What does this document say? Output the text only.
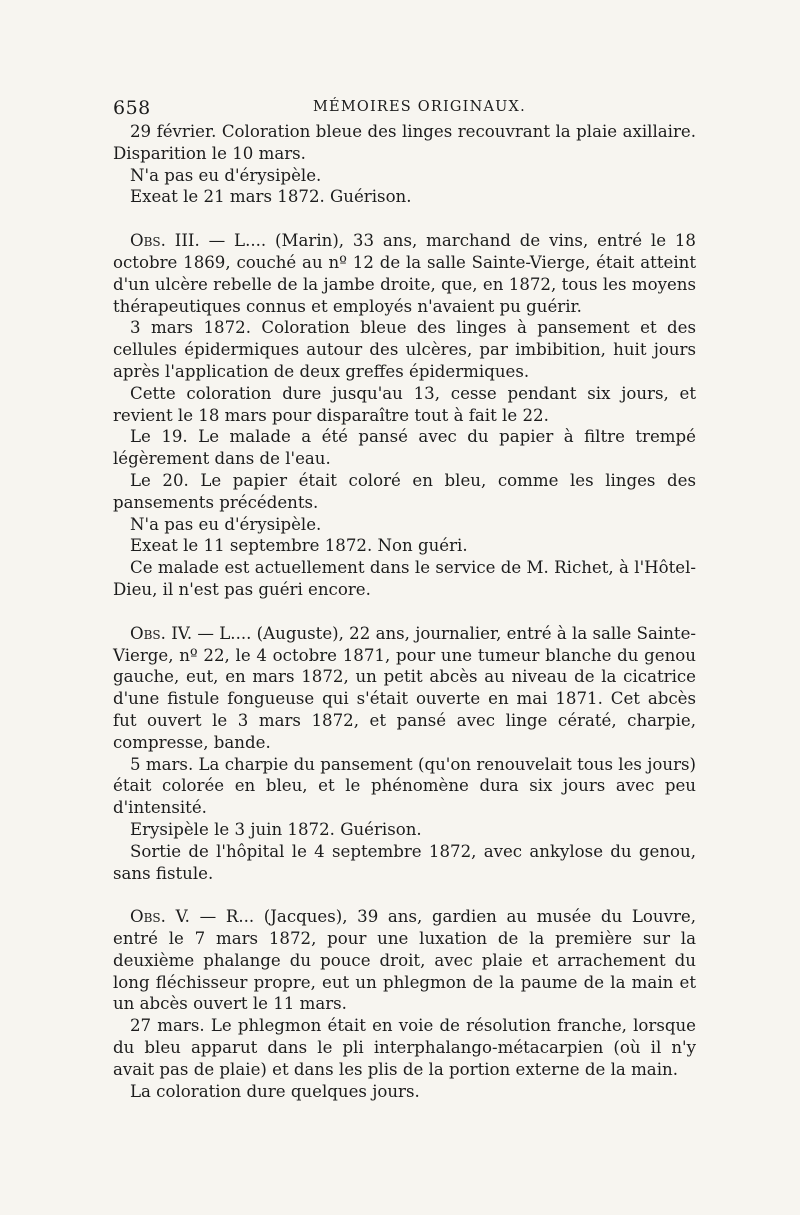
658	MÉMOIRES ORIGINAUX.

29 février. Coloration bleue des linges recouvrant la plaie axillaire. Disparition le 10 mars.

N'a pas eu d'érysipèle.

Exeat le 21 mars 1872. Guérison.

Obs. III. — L.... (Marin), 33 ans, marchand de vins, entré le 18 octobre 1869, couché au nº 12 de la salle Sainte-Vierge, était atteint d'un ulcère rebelle de la jambe droite, que, en 1872, tous les moyens thérapeutiques connus et employés n'avaient pu guérir.

3 mars 1872. Coloration bleue des linges à pansement et des cellules épidermiques autour des ulcères, par imbibition, huit jours après l'application de deux greffes épidermiques.

Cette coloration dure jusqu'au 13, cesse pendant six jours, et revient le 18 mars pour disparaître tout à fait le 22.

Le 19. Le malade a été pansé avec du papier à filtre trempé légèrement dans de l'eau.

Le 20. Le papier était coloré en bleu, comme les linges des pansements précédents.

N'a pas eu d'érysipèle.

Exeat le 11 septembre 1872. Non guéri.

Ce malade est actuellement dans le service de M. Richet, à l'Hôtel-Dieu, il n'est pas guéri encore.

Obs. IV. — L.... (Auguste), 22 ans, journalier, entré à la salle Sainte-Vierge, nº 22, le 4 octobre 1871, pour une tumeur blanche du genou gauche, eut, en mars 1872, un petit abcès au niveau de la cicatrice d'une fistule fongueuse qui s'était ouverte en mai 1871. Cet abcès fut ouvert le 3 mars 1872, et pansé avec linge cératé, charpie, compresse, bande.

5 mars. La charpie du pansement (qu'on renouvelait tous les jours) était colorée en bleu, et le phénomène dura six jours avec peu d'intensité.

Erysipèle le 3 juin 1872. Guérison.

Sortie de l'hôpital le 4 septembre 1872, avec ankylose du genou, sans fistule.

Obs. V. — R... (Jacques), 39 ans, gardien au musée du Louvre, entré le 7 mars 1872, pour une luxation de la première sur la deuxième phalange du pouce droit, avec plaie et arrachement du long fléchisseur propre, eut un phlegmon de la paume de la main et un abcès ouvert le 11 mars.

27 mars. Le phlegmon était en voie de résolution franche, lorsque du bleu apparut dans le pli interphalango-métacarpien (où il n'y avait pas de plaie) et dans les plis de la portion externe de la main.

La coloration dure quelques jours.
